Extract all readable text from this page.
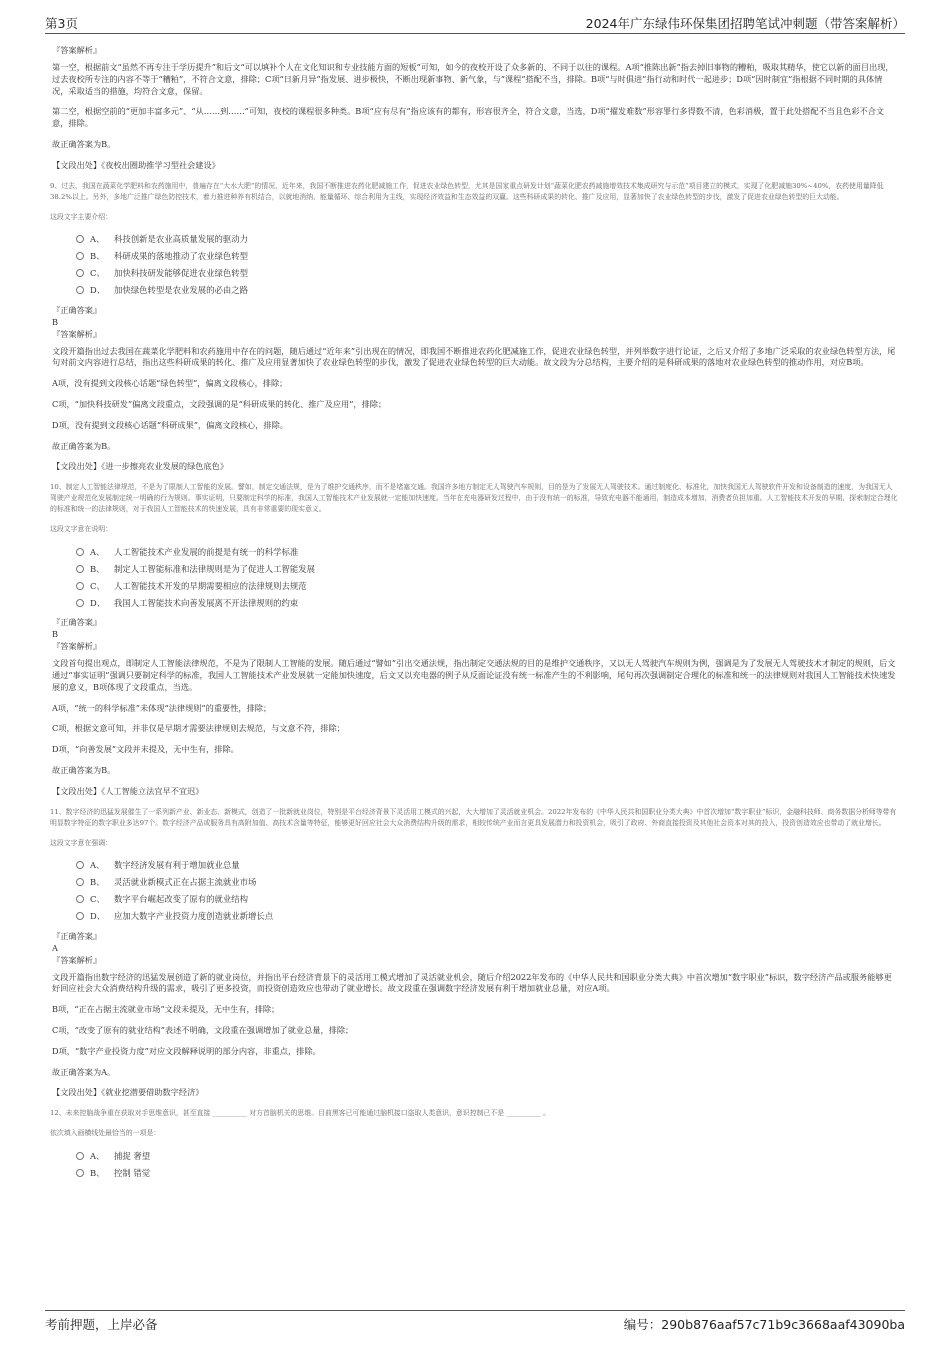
第3页	2024年广东绿伟环保集团招聘笔试冲刺题（带答案解析）
『答案解析』
第一空，根据前文“虽然不再专注于学历提升”和后文“可以填补个人在文化知识和专业技能方面的短板”可知，如今的夜校开设了众多新的、不同于以往的课程。A项“推陈出新”指去掉旧事物的糟粕，吸取其精华，使它以新的面目出现，过去夜校所专注的内容不等于“糟粕”，不符合文意，排除；C项“日新月异”指发展、进步极快，不断出现新事物、新气象，与“课程”搭配不当，排除。B项“与时俱进”指行动和时代一起进步；D项“因时制宜”指根据不同时期的具体情况，采取适当的措施，均符合文意，保留。
第二空，根据空前的“更加丰富多元”、“从……到……”可知，夜校的课程很多种类。B项“应有尽有”指应该有的都有，形容很齐全，符合文意，当选，D项“擢发难数”形容罪行多得数不清，色彩消极，置于此处搭配不当且色彩不合文意，排除。
故正确答案为B。
【文段出处】《夜校出圈助推学习型社会建设》
9、过去，我国在蔬菜化学肥料和农药施用中，普遍存在“大水大肥”的情况，近年来，我国不断推进农药化肥减施工作，促进农业绿色转型，尤其是国家重点研发计划“蔬菜化肥农药减施增效技术集成研究与示范”项目建立的模式，实现了化肥减施30%~40%，农药使用量降低38.2%以上。另外，多地广泛推广绿色防控技术，着力推进种养有机结合，以就地消纳、能量循环、综合利用为主线，实现经济效益和生态效益的双赢。这些科研成果的转化、推广及应用，显著加快了农业绿色转型的步伐，激发了促进农业绿色转型的巨大动能。
这段文字主要介绍：
A、	科技创新是农业高质量发展的驱动力
B、	科研成果的落地推动了农业绿色转型
C、	加快科技研发能够促进农业绿色转型
D、	加快绿色转型是农业发展的必由之路
『正确答案』
B
『答案解析』
文段开篇指出过去我国在蔬菜化学肥料和农药施用中存在的问题，随后通过“近年来”引出现在的情况，即我国不断推进农药化肥减施工作，促进农业绿色转型，并列举数字进行论证，之后又介绍了多地广泛采取的农业绿色转型方法，尾句对前文内容进行总结，指出这些科研成果的转化、推广及应用显著加快了农业绿色转型的步伐，激发了促进农业绿色转型的巨大动能。故文段为分总结构，主要介绍的是科研成果的落地对农业绿色转型的推动作用，对应B项。
A项，没有提到文段核心话题“绿色转型”，偏离文段核心，排除；
C项，“加快科技研发”偏离文段重点，文段强调的是“科研成果的转化、推广及应用”，排除；
D项，没有提到文段核心话题“科研成果”，偏离文段核心，排除。
故正确答案为B。
【文段出处】《进一步擦亮农业发展的绿色底色》
10、制定人工智能法律规范，不是为了限制人工智能的发展。譬如，制定交通法规，是为了维护交通秩序，而不是堵塞交通。我国许多地方制定无人驾驶汽车规则，目的是为了发展无人驾驶技术。通过制度化、标准化，加快我国无人驾驶软件开发和设备制造的速度，为我国无人驾驶产业规范化发展制定统一明确的行为规则。事实证明，只要制定科学的标准，我国人工智能技术产业发展就一定能加快速度。当年在充电器研发过程中，由于没有统一的标准，导致充电器不能通用，制造成本增加，消费者负担加重。人工智能技术开发的早期，探索制定合理化的标准和统一的法律规则，对于我国人工智能技术的快速发展，具有非常重要的现实意义。
这段文字意在说明：
A、	人工智能技术产业发展的前提是有统一的科学标准
B、	制定人工智能标准和法律规则是为了促进人工智能发展
C、	人工智能技术开发的早期需要相应的法律规则去规范
D、	我国人工智能技术向善发展离不开法律规则的约束
『正确答案』
B
『答案解析』
文段首句提出观点，即制定人工智能法律规范，不是为了限制人工智能的发展。随后通过“譬如”引出交通法规，指出制定交通法规的目的是维护交通秩序，又以无人驾驶汽车规则为例，强调是为了发展无人驾驶技术才制定的规则，后文通过“事实证明”强调只要制定科学的标准，我国人工智能技术产业发展就一定能加快速度，后文又以充电器的例子从反面论证没有统一标准产生的不利影响，尾句再次强调制定合理化的标准和统一的法律规则对我国人工智能技术快速发展的意义，B项体现了文段重点，当选。
A项，“统一的科学标准”未体现“法律规则”的重要性，排除；
C项，根据文意可知，并非仅是早期才需要法律规则去规范，与文意不符，排除；
D项，“向善发展”文段并未提及，无中生有，排除。
故正确答案为B。
【文段出处】《人工智能立法宜早不宜迟》
11、数字经济的迅猛发展催生了一系列新产业、新业态、新模式，创造了一批新就业岗位，特别是平台经济背景下灵活用工模式的兴起，大大增加了灵活就业机会。2022年发布的《中华人民共和国职业分类大典》中首次增加“数字职业”标识，金融科技师、商务数据分析师等带有明显数字特征的数字职业多达97个。数字经济产品或服务具有高附加值、高技术含量等特征，能够更好回应社会大众消费结构升级的需求，相较传统产业而言更具发展潜力和投资机会，吸引了政府、外商直接投资及其他社会资本对其的投入，投资创造效应也带动了就业增长。
这段文字意在强调：
A、	数字经济发展有利于增加就业总量
B、	灵活就业新模式正在占据主流就业市场
C、	数字平台崛起改变了原有的就业结构
D、	应加大数字产业投资力度创造就业新增长点
『正确答案』
A
『答案解析』
文段开篇指出数字经济的迅猛发展创造了新的就业岗位，并指出平台经济背景下的灵活用工模式增加了灵活就业机会，随后介绍2022年发布的《中华人民共和国职业分类大典》中首次增加“数字职业”标识，数字经济产品或服务能够更好回应社会大众消费结构升级的需求，吸引了更多投资，而投资创造效应也带动了就业增长。故文段重在强调数字经济发展有利于增加就业总量，对应A项。
B项，“正在占据主流就业市场”文段未提及，无中生有，排除；
C项，“改变了原有的就业结构”表述不明确，文段重在强调增加了就业总量，排除；
D项，“数字产业投资力度”对应文段解释说明的部分内容，非重点，排除。
故正确答案为A。
【文段出处】《就业挖潜要借助数字经济》
12、未来控脑战争重在获取对手思维意识，甚至直接 __________ 对方首脑机关的思维。目前黑客已可能通过脑机接口盗取人类意识，意识控制已不是 __________ 。
依次填入画横线处最恰当的一项是：
A、	捕捉 奢望
B、	控制 错觉
考前押题，上岸必备	编号：290b876aaf57c71b9c3668aaf43090ba
